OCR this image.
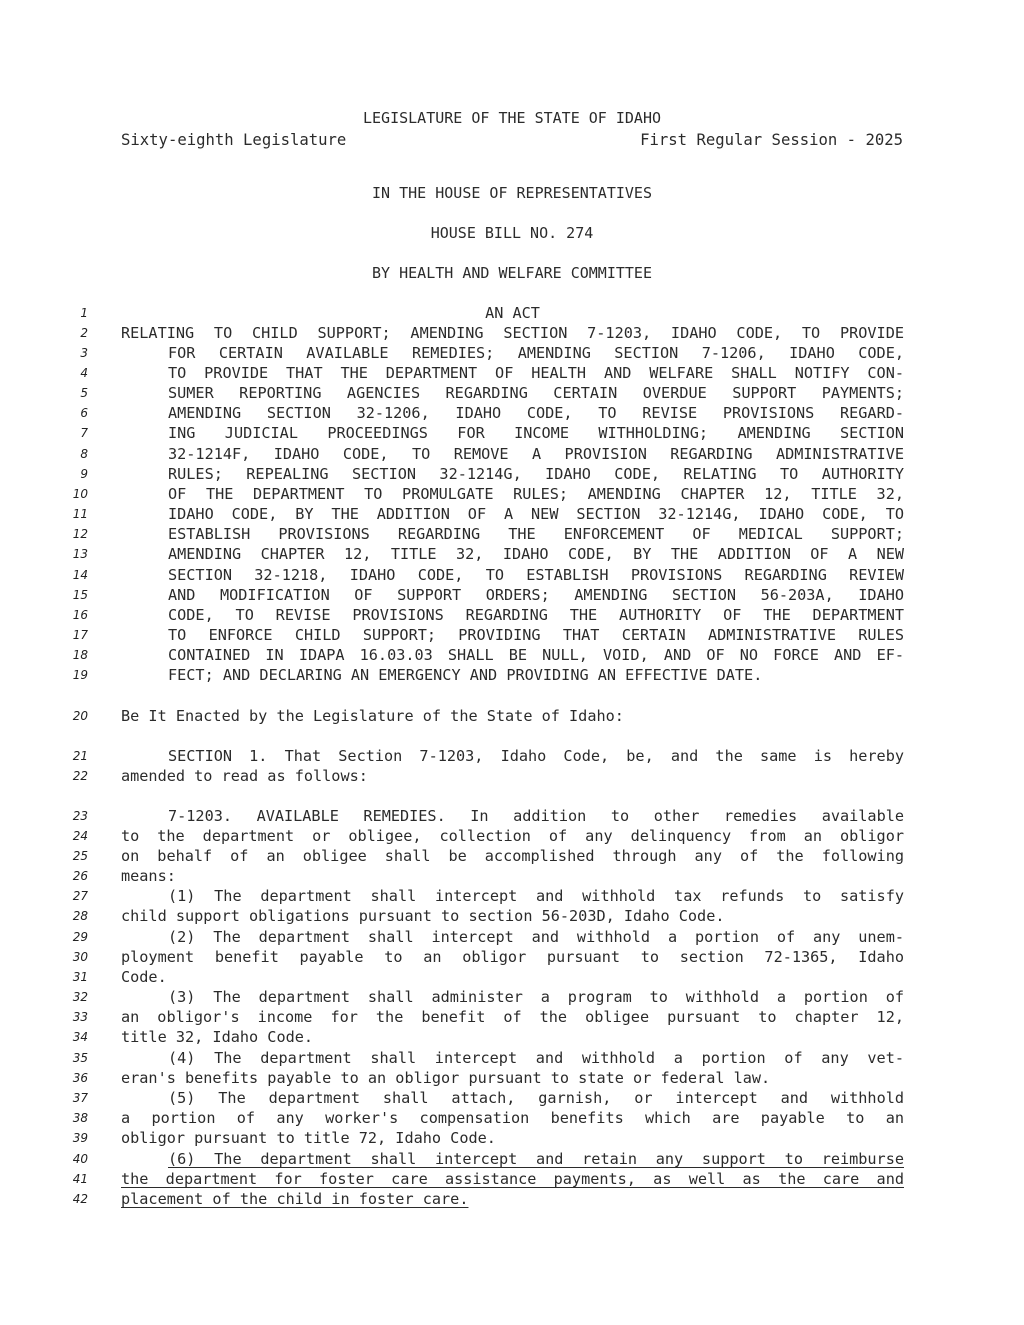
LEGISLATURE OF THE STATE OF IDAHO
Sixty-eighth Legislature	First Regular Session - 2025
IN THE HOUSE OF REPRESENTATIVES
HOUSE BILL NO. 274
BY HEALTH AND WELFARE COMMITTEE
1	AN ACT
2 RELATING TO CHILD SUPPORT; AMENDING SECTION 7-1203, IDAHO CODE, TO PROVIDE
3	FOR CERTAIN AVAILABLE REMEDIES; AMENDING SECTION 7-1206, IDAHO CODE,
4	TO PROVIDE THAT THE DEPARTMENT OF HEALTH AND WELFARE SHALL NOTIFY CON-
5	SUMER REPORTING AGENCIES REGARDING CERTAIN OVERDUE SUPPORT PAYMENTS;
6	AMENDING SECTION 32-1206, IDAHO CODE, TO REVISE PROVISIONS REGARD-
7	ING JUDICIAL PROCEEDINGS FOR INCOME WITHHOLDING; AMENDING SECTION
8	32-1214F, IDAHO CODE, TO REMOVE A PROVISION REGARDING ADMINISTRATIVE
9	RULES; REPEALING SECTION 32-1214G, IDAHO CODE, RELATING TO AUTHORITY
10	OF THE DEPARTMENT TO PROMULGATE RULES; AMENDING CHAPTER 12, TITLE 32,
11	IDAHO CODE, BY THE ADDITION OF A NEW SECTION 32-1214G, IDAHO CODE, TO
12	ESTABLISH PROVISIONS REGARDING THE ENFORCEMENT OF MEDICAL SUPPORT;
13	AMENDING CHAPTER 12, TITLE 32, IDAHO CODE, BY THE ADDITION OF A NEW
14	SECTION 32-1218, IDAHO CODE, TO ESTABLISH PROVISIONS REGARDING REVIEW
15	AND MODIFICATION OF SUPPORT ORDERS; AMENDING SECTION 56-203A, IDAHO
16	CODE, TO REVISE PROVISIONS REGARDING THE AUTHORITY OF THE DEPARTMENT
17	TO ENFORCE CHILD SUPPORT; PROVIDING THAT CERTAIN ADMINISTRATIVE RULES
18	CONTAINED IN IDAPA 16.03.03 SHALL BE NULL, VOID, AND OF NO FORCE AND EF-
19	FECT; AND DECLARING AN EMERGENCY AND PROVIDING AN EFFECTIVE DATE.
20 Be It Enacted by the Legislature of the State of Idaho:
21	SECTION 1. That Section 7-1203, Idaho Code, be, and the same is hereby
22 amended to read as follows:
23	7-1203. AVAILABLE REMEDIES. In addition to other remedies available
24 to the department or obligee, collection of any delinquency from an obligor
25 on behalf of an obligee shall be accomplished through any of the following
26 means:
27	(1) The department shall intercept and withhold tax refunds to satisfy
28 child support obligations pursuant to section 56-203D, Idaho Code.
29	(2) The department shall intercept and withhold a portion of any unem-
30 ployment benefit payable to an obligor pursuant to section 72-1365, Idaho
31 Code.
32	(3) The department shall administer a program to withhold a portion of
33 an obligor's income for the benefit of the obligee pursuant to chapter 12,
34 title 32, Idaho Code.
35	(4) The department shall intercept and withhold a portion of any vet-
36 eran's benefits payable to an obligor pursuant to state or federal law.
37	(5) The department shall attach, garnish, or intercept and withhold
38 a portion of any worker's compensation benefits which are payable to an
39 obligor pursuant to title 72, Idaho Code.
40	(6) The department shall intercept and retain any support to reimburse
41 the department for foster care assistance payments, as well as the care and
42 placement of the child in foster care.
